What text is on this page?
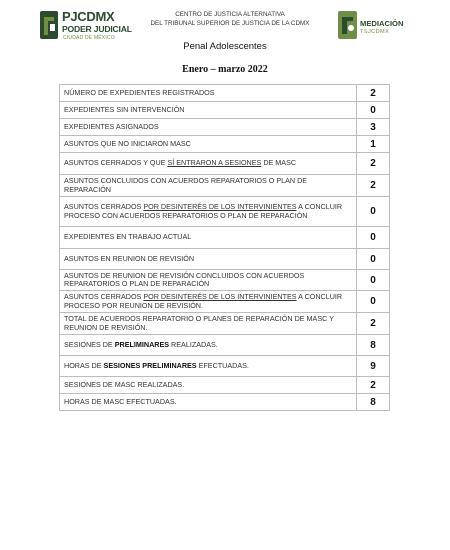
PJCDMX
PODER JUDICIAL
CIUDAD DE MÉXICO
CENTRO DE JUSTICIA ALTERNATIVA
DEL TRIBUNAL SUPERIOR DE JUSTICIA DE LA CDMX	MEDIACIÓN
TSJCDMX
Penal Adolescentes
Enero – marzo 2022
NÚMERO DE EXPEDIENTES REGISTRADOS	2
EXPEDIENTES SIN INTERVENCIÓN	0
EXPEDIENTES ASIGNADOS	3
ASUNTOS QUE NO INICIARON MASC	1
ASUNTOS CERRADOS Y QUE SÍ ENTRARON A SESIONES DE MASC	2
ASUNTOS CONCLUIDOS CON ACUERDOS REPARATORIOS O PLAN DE REPARACIÓN	2
ASUNTOS CERRADOS POR DESINTERÉS DE LOS INTERVINIENTES A CONCLUIR PROCESO CON ACUERDOS REPARATORIOS O PLAN DE REPARACIÓN	0
EXPEDIENTES EN TRABAJO ACTUAL	0
ASUNTOS EN REUNION DE REVISIÓN	0
ASUNTOS DE REUNION DE REVISIÓN CONCLUIDOS CON ACUERDOS REPARATORIOS O PLAN DE REPARACIÓN	0
ASUNTOS CERRADOS POR DESINTERÉS DE LOS INTERVINIENTES A CONCLUIR PROCESO POR REUNION DE REVISIÓN.	0
TOTAL DE ACUERDOS REPARATORIO O PLANES DE REPARACIÓN DE MASC Y REUNION DE REVISIÓN.	2
SESIONES DE PRELIMINARES REALIZADAS.	8
HORAS DE SESIONES PRELIMINARES EFECTUADAS.	9
SESIONES DE MASC REALIZADAS.	2
HORAS DE MASC EFECTUADAS.	8
